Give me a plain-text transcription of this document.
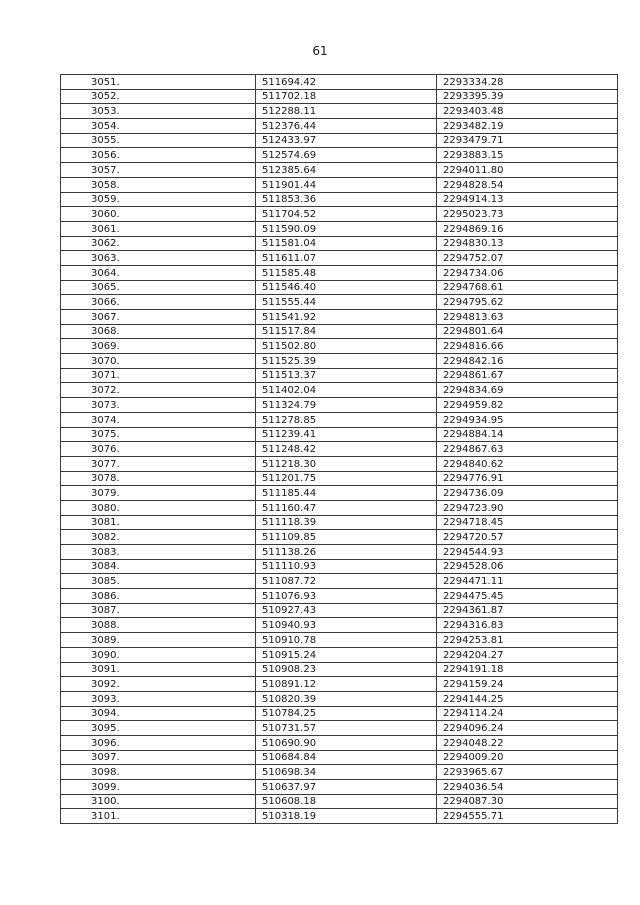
61
3051.	511694.42	2293334.28
3052.	511702.18	2293395.39
3053.	512288.11	2293403.48
3054.	512376.44	2293482.19
3055.	512433.97	2293479.71
3056.	512574.69	2293883.15
3057.	512385.64	2294011.80
3058.	511901.44	2294828.54
3059.	511853.36	2294914.13
3060.	511704.52	2295023.73
3061.	511590.09	2294869.16
3062.	511581.04	2294830.13
3063.	511611.07	2294752.07
3064.	511585.48	2294734.06
3065.	511546.40	2294768.61
3066.	511555.44	2294795.62
3067.	511541.92	2294813.63
3068.	511517.84	2294801.64
3069.	511502.80	2294816.66
3070.	511525.39	2294842.16
3071.	511513.37	2294861.67
3072.	511402.04	2294834.69
3073.	511324.79	2294959.82
3074.	511278.85	2294934.95
3075.	511239.41	2294884.14
3076.	511248.42	2294867.63
3077.	511218.30	2294840.62
3078.	511201.75	2294776.91
3079.	511185.44	2294736.09
3080.	511160.47	2294723.90
3081.	511118.39	2294718.45
3082.	511109.85	2294720.57
3083.	511138.26	2294544.93
3084.	511110.93	2294528.06
3085.	511087.72	2294471.11
3086.	511076.93	2294475.45
3087.	510927.43	2294361.87
3088.	510940.93	2294316.83
3089.	510910.78	2294253.81
3090.	510915.24	2294204.27
3091.	510908.23	2294191.18
3092.	510891.12	2294159.24
3093.	510820.39	2294144.25
3094.	510784.25	2294114.24
3095.	510731.57	2294096.24
3096.	510690.90	2294048.22
3097.	510684.84	2294009.20
3098.	510698.34	2293965.67
3099.	510637.97	2294036.54
3100.	510608.18	2294087.30
3101.	510318.19	2294555.71
